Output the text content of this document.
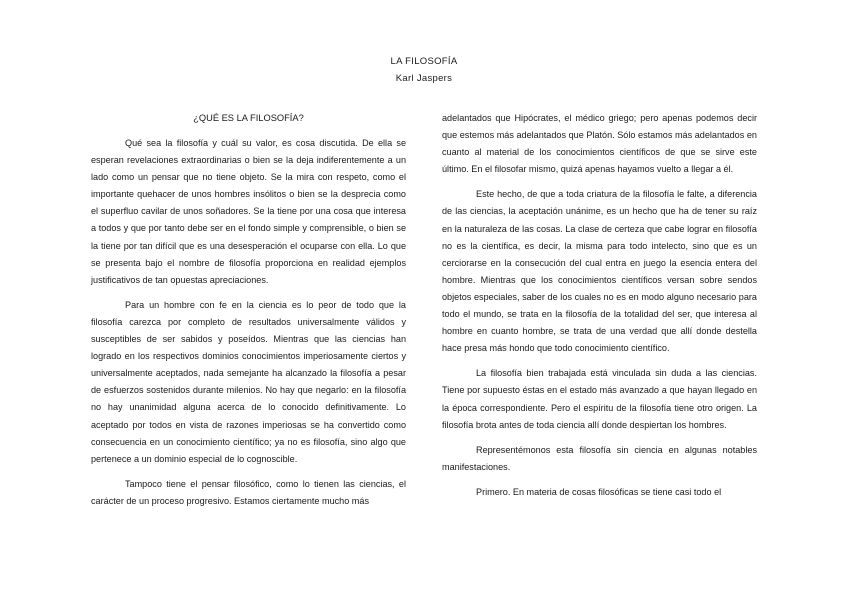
LA FILOSOFÍA
Karl Jaspers
¿QUÉ ES LA FILOSOFÍA?

Qué sea la filosofía y cuál su valor, es cosa discutida. De ella se esperan revelaciones extraordinarias o bien se la deja indiferentemente a un lado como un pensar que no tiene objeto. Se la mira con respeto, como el importante quehacer de unos hombres insólitos o bien se la desprecia como el superfluo cavilar de unos soñadores. Se la tiene por una cosa que interesa a todos y que por tanto debe ser en el fondo simple y comprensible, o bien se la tiene por tan difícil que es una desesperación el ocuparse con ella. Lo que se presenta bajo el nombre de filosofía proporciona en realidad ejemplos justificativos de tan opuestas apreciaciones.

Para un hombre con fe en la ciencia es lo peor de todo que la filosofía carezca por completo de resultados universalmente válidos y susceptibles de ser sabidos y poseídos. Mientras que las ciencias han logrado en los respectivos dominios conocimientos imperiosamente ciertos y universalmente aceptados, nada semejante ha alcanzado la filosofía a pesar de esfuerzos sostenidos durante milenios. No hay que negarlo: en la filosofía no hay unanimidad alguna acerca de lo conocido definitivamente. Lo aceptado por todos en vista de razones imperiosas se ha convertido como consecuencia en un conocimiento científico; ya no es filosofía, sino algo que pertenece a un dominio especial de lo cognoscible.

Tampoco tiene el pensar filosófico, como lo tienen las ciencias, el carácter de un proceso progresivo. Estamos ciertamente mucho más

adelantados que Hipócrates, el médico griego; pero apenas podemos decir que estemos más adelantados que Platón. Sólo estamos más adelantados en cuanto al material de los conocimientos científicos de que se sirve este último. En el filosofar mismo, quizá apenas hayamos vuelto a llegar a él.

Este hecho, de que a toda criatura de la filosofía le falte, a diferencia de las ciencias, la aceptación unánime, es un hecho que ha de tener su raíz en la naturaleza de las cosas. La clase de certeza que cabe lograr en filosofía no es la científica, es decir, la misma para todo intelecto, sino que es un cerciorarse en la consecución del cual entra en juego la esencia entera del hombre. Mientras que los conocimientos científicos versan sobre sendos objetos especiales, saber de los cuales no es en modo alguno necesario para todo el mundo, se trata en la filosofía de la totalidad del ser, que interesa al hombre en cuanto hombre, se trata de una verdad que allí donde destella hace presa más hondo que todo conocimiento científico.

La filosofía bien trabajada está vinculada sin duda a las ciencias. Tiene por supuesto éstas en el estado más avanzado a que hayan llegado en la época correspondiente. Pero el espíritu de la filosofía tiene otro origen. La filosofía brota antes de toda ciencia allí donde despiertan los hombres.

Representémonos esta filosofía sin ciencia en algunas notables manifestaciones.

Primero. En materia de cosas filosóficas se tiene casi todo el
